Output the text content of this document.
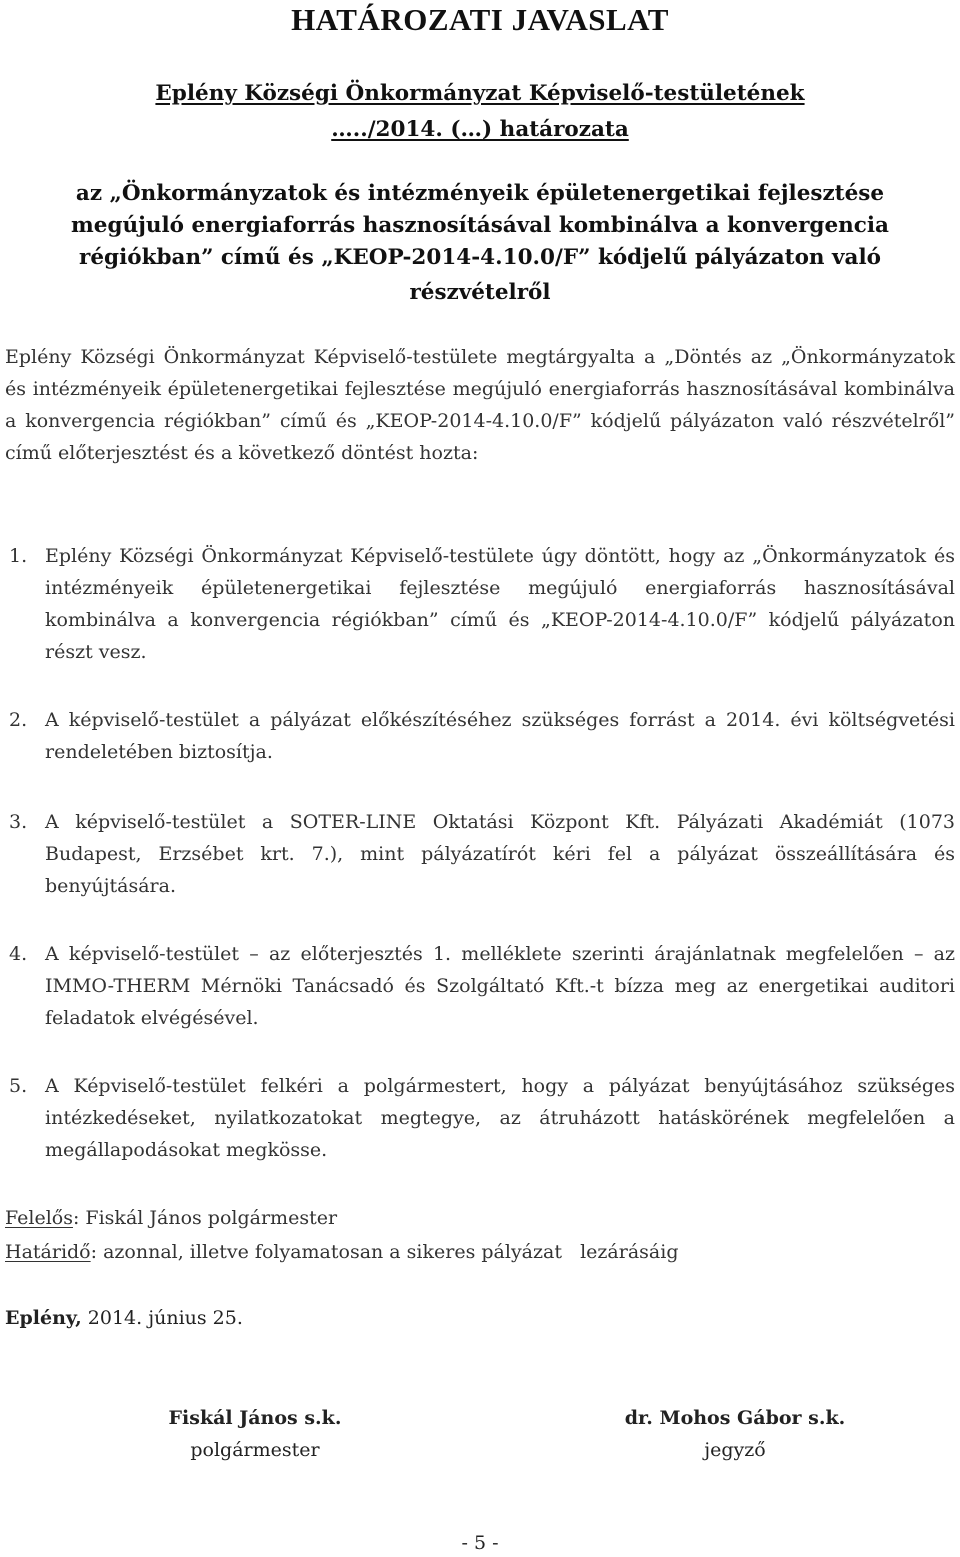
HATÁROZATI JAVASLAT

Eplény Községi Önkormányzat Képviselő-testületének

…../2014. (…) határozata

az „Önkormányzatok és intézményeik épületenergetikai fejlesztése

megújuló energiaforrás hasznosításával kombinálva a konvergencia

régiókban” című és „KEOP-2014-4.10.0/F” kódjelű pályázaton való

részvételről

Eplény Községi Önkormányzat Képviselő-testülete megtárgyalta a „Döntés az „Önkormányzatok és intézményeik épületenergetikai fejlesztése megújuló energiaforrás hasznosításával kombinálva a konvergencia régiókban” című és „KEOP-2014-4.10.0/F” kódjelű pályázaton való részvételről” című előterjesztést és a következő döntést hozta:

1. Eplény Községi Önkormányzat Képviselő-testülete úgy döntött, hogy az „Önkormányzatok és intézményeik épületenergetikai fejlesztése megújuló energiaforrás hasznosításával kombinálva a konvergencia régiókban” című és „KEOP-2014-4.10.0/F” kódjelű pályázaton részt vesz.

2. A képviselő-testület a pályázat előkészítéséhez szükséges forrást a 2014. évi költségvetési rendeletében biztosítja.

3. A képviselő-testület a SOTER-LINE Oktatási Központ Kft. Pályázati Akadémiát (1073 Budapest, Erzsébet krt. 7.), mint pályázatírót kéri fel a pályázat összeállítására és benyújtására.

4. A képviselő-testület – az előterjesztés 1. melléklete szerinti árajánlatnak megfelelően – az IMMO-THERM Mérnöki Tanácsadó és Szolgáltató Kft.-t bízza meg az energetikai auditori feladatok elvégésével.

5. A Képviselő-testület felkéri a polgármestert, hogy a pályázat benyújtásához szükséges intézkedéseket, nyilatkozatokat megtegye, az átruházott hatáskörének megfelelően a megállapodásokat megkösse.

Felelős: Fiskál János polgármester

Határidő: azonnal, illetve folyamatosan a sikeres pályázat   lezárásáig

Eplény, 2014. június 25.

Fiskál János s.k.
polgármester
dr. Mohos Gábor s.k.
jegyző
- 5 -
